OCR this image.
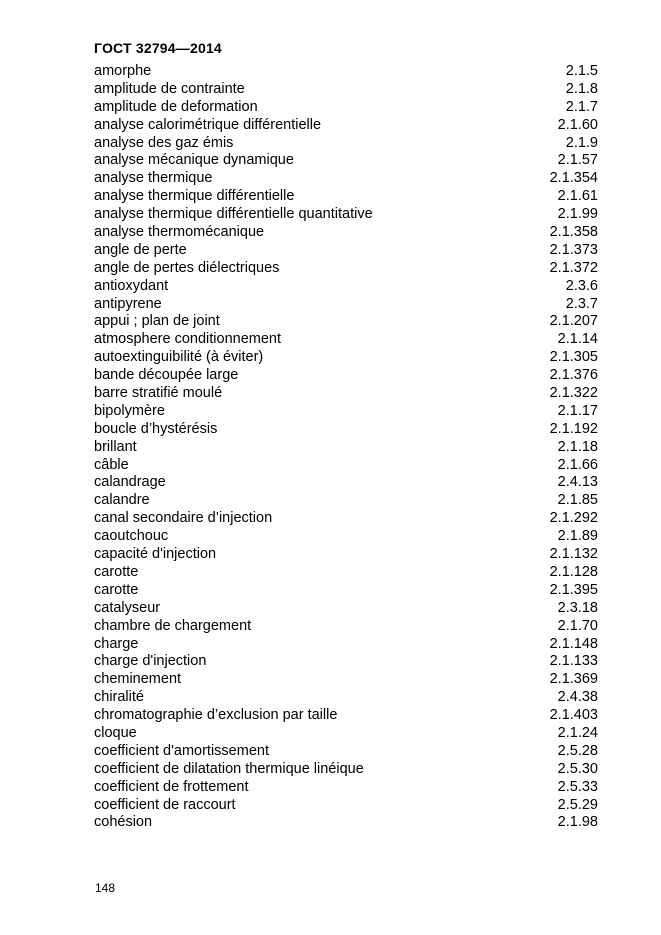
ГОСТ 32794—2014
amorphe	2.1.5
amplitude de contrainte	2.1.8
amplitude de deformation	2.1.7
analyse calorimétrique différentielle	2.1.60
analyse des gaz émis	2.1.9
analyse mécanique dynamique	2.1.57
analyse thermique	2.1.354
analyse thermique différentielle	2.1.61
analyse thermique différentielle quantitative	2.1.99
analyse thermomécanique	2.1.358
angle de perte	2.1.373
angle de pertes diélectriques	2.1.372
antioxydant	2.3.6
antipyrene	2.3.7
appui ; plan de joint	2.1.207
atmosphere conditionnement	2.1.14
autoextinguibilité (à éviter)	2.1.305
bande découpée large	2.1.376
barre stratifié moulé	2.1.322
bipolymère	2.1.17
boucle d’hystérésis	2.1.192
brillant	2.1.18
câble	2.1.66
calandrage	2.4.13
calandre	2.1.85
canal secondaire d’injection	2.1.292
caoutchouc	2.1.89
capacité d'injection	2.1.132
carotte	2.1.128
carotte	2.1.395
catalyseur	2.3.18
chambre de chargement	2.1.70
charge	2.1.148
charge d'injection	2.1.133
cheminement	2.1.369
chiralité	2.4.38
chromatographie d’exclusion par taille	2.1.403
cloque	2.1.24
coefficient d'amortissement	2.5.28
coefficient de dilatation thermique linéique	2.5.30
coefficient de frottement	2.5.33
coefficient de raccourt	2.5.29
cohésion	2.1.98
148
